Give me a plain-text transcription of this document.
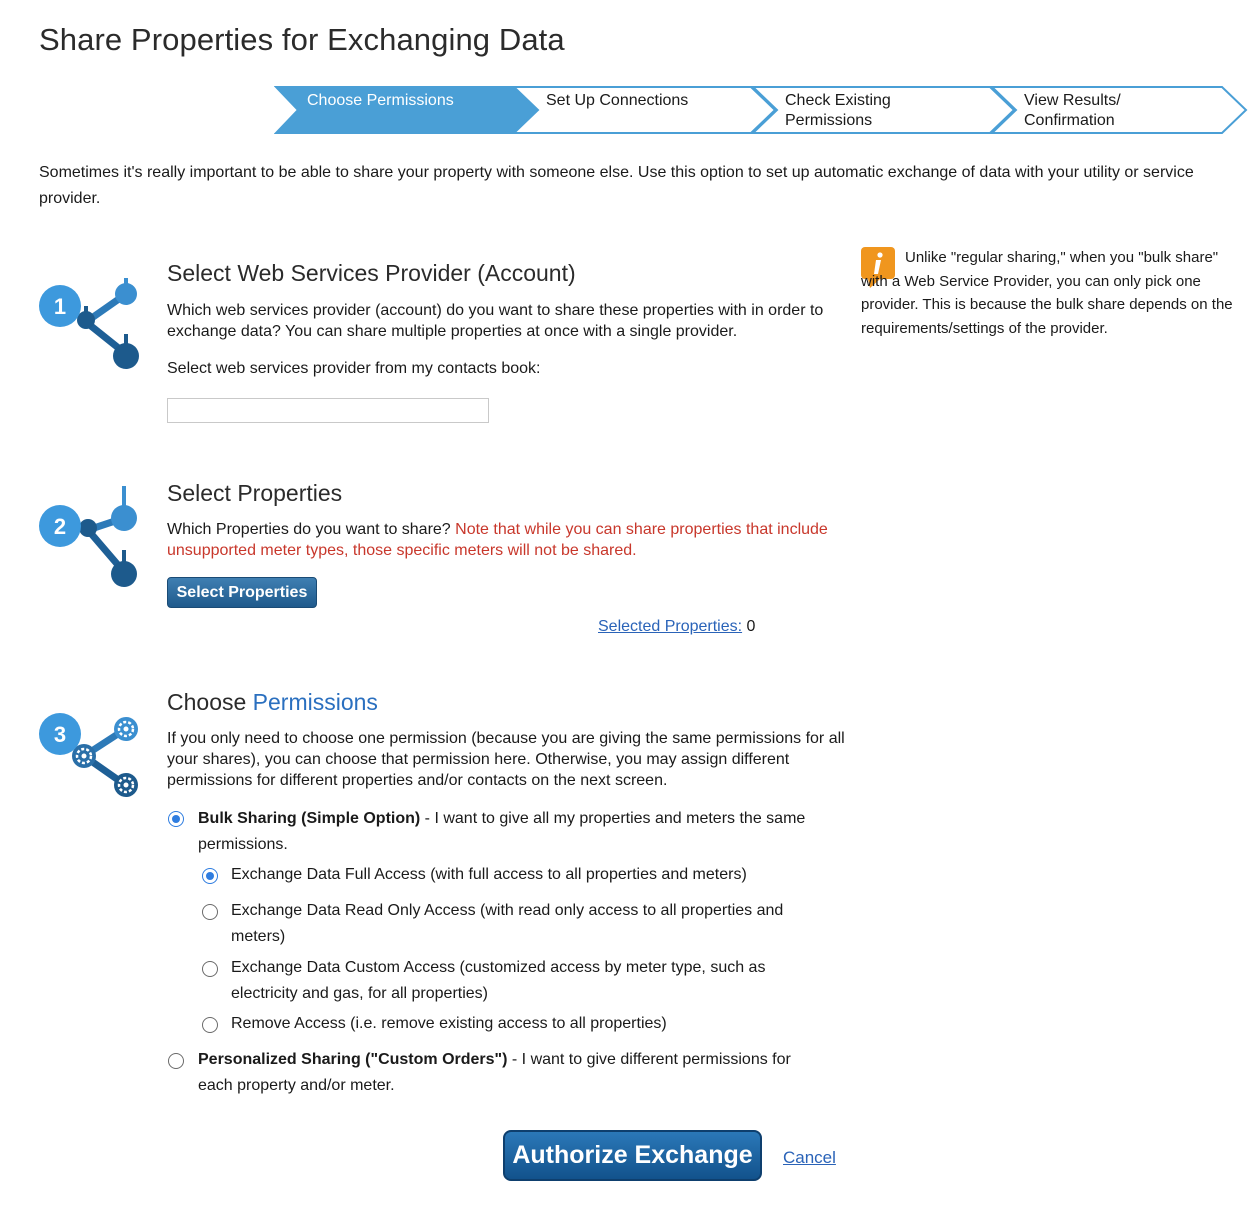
Share Properties for Exchanging Data
Choose Permissions	Set Up Connections	Check Existing
Permissions
View Results/
Confirmation
Sometimes it's really important to be able to share your property with someone else. Use this option to set up automatic exchange of data with your utility or service provider.
Unlike "regular sharing," when you "bulk share" with a Web Service Provider, you can only pick one provider. This is because the bulk share depends on the requirements/settings of the provider.
1
Select Web Services Provider (Account)
Which web services provider (account) do you want to share these properties with in order to exchange data? You can share multiple properties at once with a single provider.
Select web services provider from my contacts book:
2
Select Properties
Which Properties do you want to share? Note that while you can share properties that include unsupported meter types, those specific meters will not be shared.
Select Properties
Selected Properties: 0
3
Choose Permissions
If you only need to choose one permission (because you are giving the same permissions for all your shares), you can choose that permission here. Otherwise, you may assign different permissions for different properties and/or contacts on the next screen.
Bulk Sharing (Simple Option) - I want to give all my properties and meters the same
permissions.
Exchange Data Full Access (with full access to all properties and meters)
Exchange Data Read Only Access (with read only access to all properties and
meters)
Exchange Data Custom Access (customized access by meter type, such as
electricity and gas, for all properties)
Remove Access (i.e. remove existing access to all properties)
Personalized Sharing ("Custom Orders") - I want to give different permissions for
each property and/or meter.
Authorize Exchange	Cancel
